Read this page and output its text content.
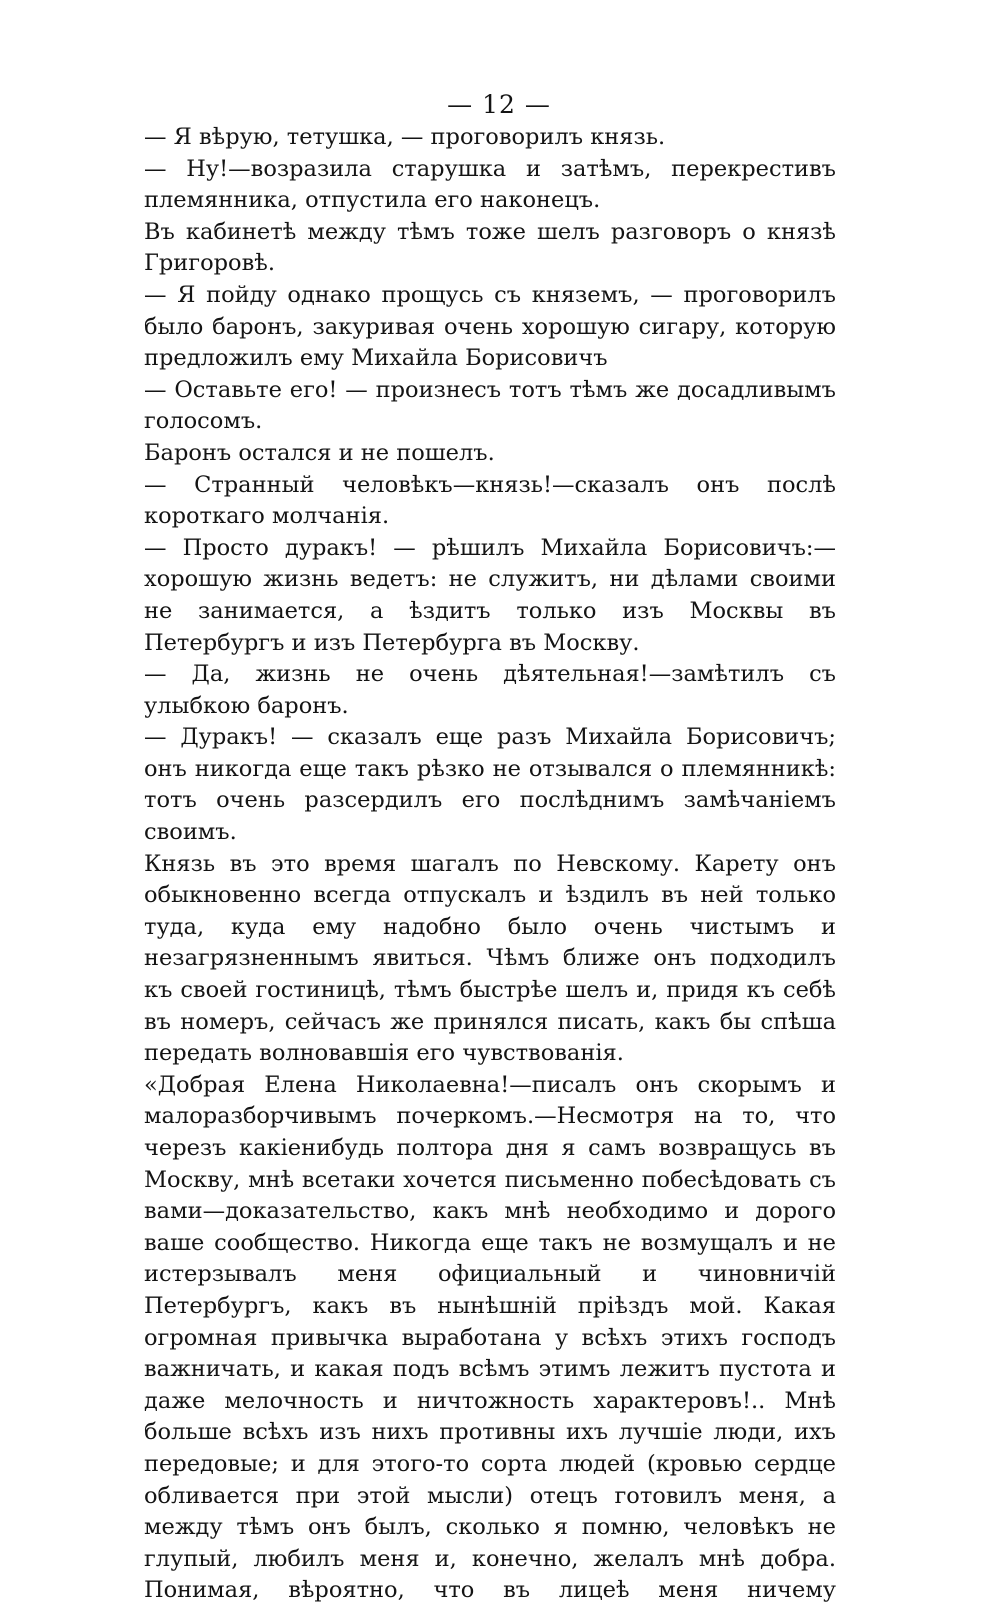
— 12 —

— Я вѣрую, тетушка, — проговорилъ князь.

— Ну!—возразила старушка и затѣмъ, перекрестивъ племянника, отпустила его наконецъ.

Въ кабинетѣ между тѣмъ тоже шелъ разговоръ о князѣ Григоровѣ.

— Я пойду однако прощусь съ княземъ, — проговорилъ было баронъ, закуривая очень хорошую сигару, которую предложилъ ему Михайла Борисовичъ

— Оставьте его! — произнесъ тотъ тѣмъ же досадливымъ голосомъ.

Баронъ остался и не пошелъ.

— Странный человѣкъ—князь!—сказалъ онъ послѣ короткаго молчанія.

— Просто дуракъ! — рѣшилъ Михайла Борисовичъ:—хорошую жизнь ведетъ: не служитъ, ни дѣлами своими не занимается, а ѣздитъ только изъ Москвы въ Петербургъ и изъ Петербурга въ Москву.

— Да, жизнь не очень дѣятельная!—замѣтилъ съ улыбкою баронъ.

— Дуракъ! — сказалъ еще разъ Михайла Борисовичъ; онъ никогда еще такъ рѣзко не отзывался о племянникѣ: тотъ очень разсердилъ его послѣднимъ замѣчаніемъ своимъ.

Князь въ это время шагалъ по Невскому. Карету онъ обыкновенно всегда отпускалъ и ѣздилъ въ ней только туда, куда ему надобно было очень чистымъ и незагрязненнымъ явиться. Чѣмъ ближе онъ подходилъ къ своей гостиницѣ, тѣмъ быстрѣе шелъ и, придя къ себѣ въ номеръ, сейчасъ же принялся писать, какъ бы спѣша передать волновавшія его чувствованія.

«Добрая Елена Николаевна!—писалъ онъ скорымъ и малоразборчивымъ почеркомъ.—Несмотря на то, что черезъ какіенибудь полтора дня я самъ возвращусь въ Москву, мнѣ всетаки хочется письменно побесѣдовать съ вами—доказательство, какъ мнѣ необходимо и дорого ваше сообщество. Никогда еще такъ не возмущалъ и не истерзывалъ меня официальный и чиновничій Петербургъ, какъ въ нынѣшній пріѣздъ мой. Какая огромная привычка выработана у всѣхъ этихъ господъ важничать, и какая подъ всѣмъ этимъ лежитъ пустота и даже мелочность и ничтожность характеровъ!.. Мнѣ больше всѣхъ изъ нихъ противны ихъ лучшіе люди, ихъ передовые; и для этого-то сорта людей (кровью сердце обливается при этой мысли) отецъ готовилъ меня, а между тѣмъ онъ былъ, сколько я помню, человѣкъ не глупый, любилъ меня и, конечно, желалъ мнѣ добра. Понимая, вѣроятно, что въ лицеѣ меня ничему
